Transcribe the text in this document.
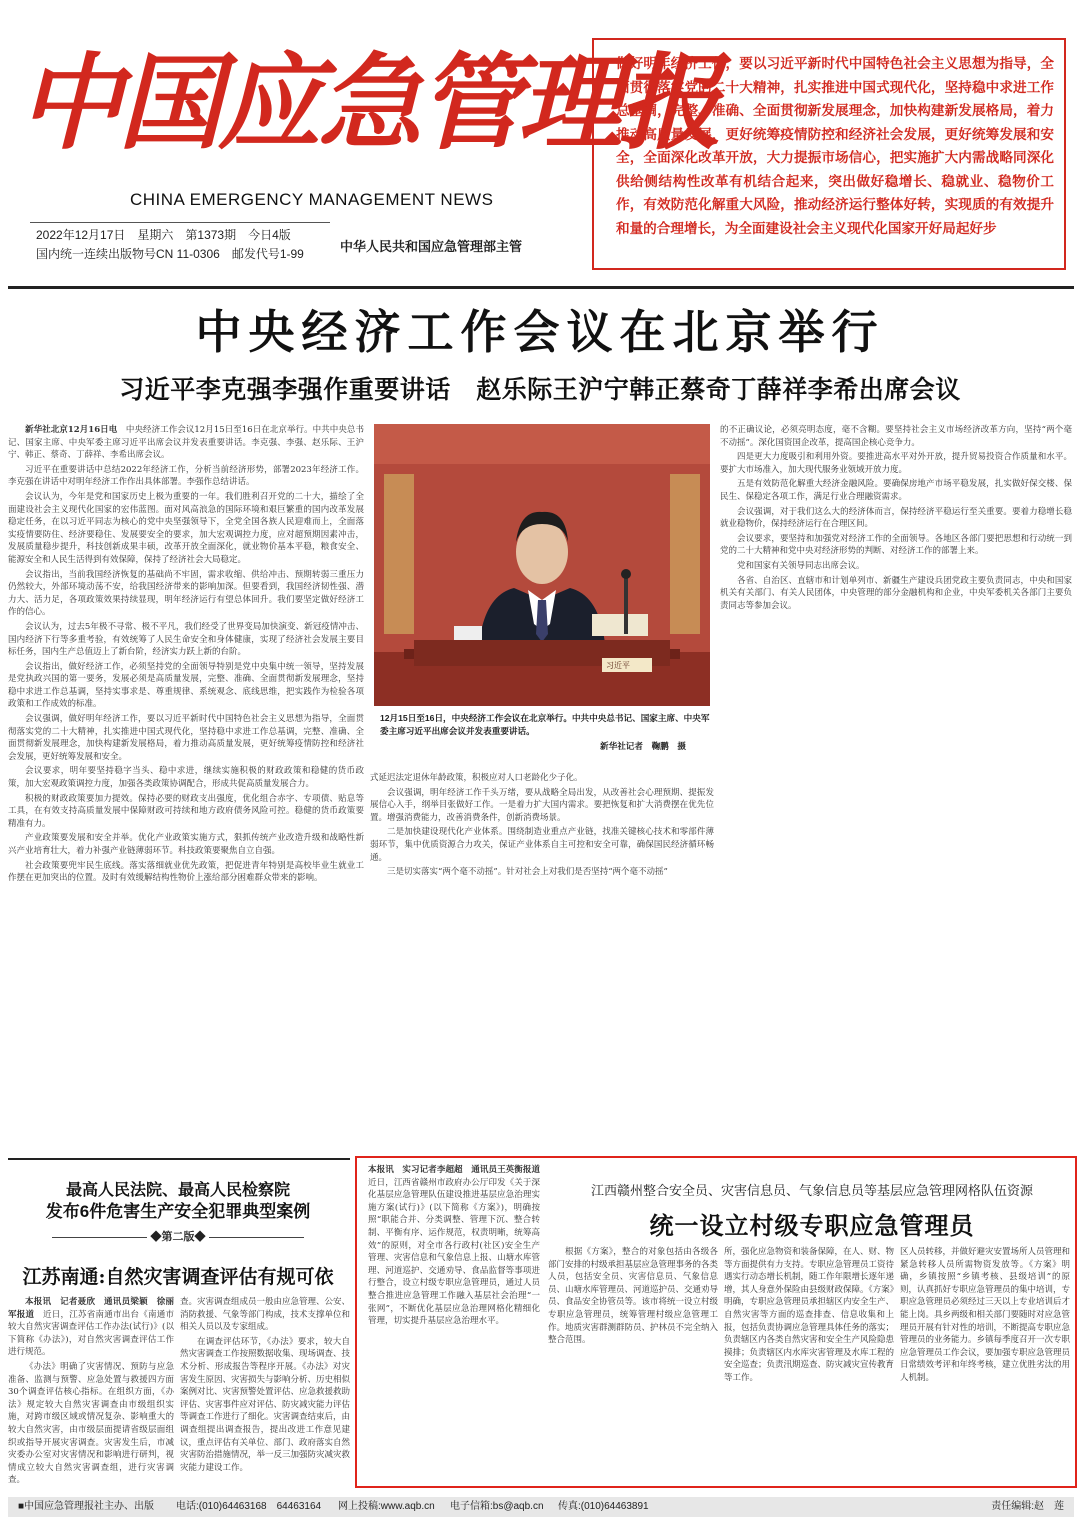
中国应急管理报
CHINA EMERGENCY MANAGEMENT NEWS
2022年12月17日　星期六　第1373期　今日4版
国内统一连续出版物号CN 11-0306　邮发代号1-99	中华人民共和国应急管理部主管
做好明年经济工作，要以习近平新时代中国特色社会主义思想为指导，全面贯彻落实党的二十大精神，扎实推进中国式现代化，坚持稳中求进工作总基调，完整、准确、全面贯彻新发展理念，加快构建新发展格局，着力推动高质量发展，更好统筹疫情防控和经济社会发展，更好统筹发展和安全，全面深化改革开放，大力提振市场信心，把实施扩大内需战略同深化供给侧结构性改革有机结合起来，突出做好稳增长、稳就业、稳物价工作，有效防范化解重大风险，推动经济运行整体好转，实现质的有效提升和量的合理增长，为全面建设社会主义现代化国家开好局起好步
中央经济工作会议在北京举行
习近平李克强李强作重要讲话　赵乐际王沪宁韩正蔡奇丁薛祥李希出席会议

新华社北京12月16日电　 中央经济工作会议12月15日至16日在北京举行。中共中央总书记、国家主席、中央军委主席习近平出席会议并发表重要讲话。李克强、李强、赵乐际、王沪宁、韩正、蔡奇、丁薛祥、李希出席会议。

习近平在重要讲话中总结2022年经济工作，分析当前经济形势，部署2023年经济工作。李克强在讲话中对明年经济工作作出具体部署。李强作总结讲话。

会议认为，今年是党和国家历史上极为重要的一年。我们胜利召开党的二十大，描绘了全面建设社会主义现代化国家的宏伟蓝图。面对风高浪急的国际环境和艰巨繁重的国内改革发展稳定任务，在以习近平同志为核心的党中央坚强领导下，全党全国各族人民迎难而上，全面落实疫情要防住、经济要稳住、发展要安全的要求，加大宏观调控力度，应对超预期因素冲击，发展质量稳步提升，科技创新成果丰硕，改革开放全面深化，就业物价基本平稳，粮食安全、能源安全和人民生活得到有效保障，保持了经济社会大局稳定。

会议指出，当前我国经济恢复的基础尚不牢固，需求收缩、供给冲击、预期转弱三重压力仍然较大，外部环境动荡不安，给我国经济带来的影响加深。但要看到，我国经济韧性强、潜力大、活力足，各项政策效果持续显现，明年经济运行有望总体回升。我们要坚定做好经济工作的信心。

会议认为，过去5年极不寻常、极不平凡，我们经受了世界变局加快演变、新冠疫情冲击、国内经济下行等多重考验，有效统筹了人民生命安全和身体健康，实现了经济社会发展主要目标任务，国内生产总值迈上了新台阶，经济实力跃上新的台阶。

会议指出，做好经济工作，必须坚持党的全面领导特别是党中央集中统一领导，坚持发展是党执政兴国的第一要务，发展必须是高质量发展，完整、准确、全面贯彻新发展理念，坚持稳中求进工作总基调，坚持实事求是、尊重规律、系统观念、底线思维，把实践作为检验各项政策和工作成效的标准。

会议强调，做好明年经济工作，要以习近平新时代中国特色社会主义思想为指导，全面贯彻落实党的二十大精神，扎实推进中国式现代化，坚持稳中求进工作总基调，完整、准确、全面贯彻新发展理念，加快构建新发展格局，着力推动高质量发展，更好统筹疫情防控和经济社会发展，更好统筹发展和安全。

会议要求，明年要坚持稳字当头、稳中求进，继续实施积极的财政政策和稳健的货币政策，加大宏观政策调控力度，加强各类政策协调配合，形成共促高质量发展合力。

积极的财政政策要加力提效。保持必要的财政支出强度，优化组合赤字、专项债、贴息等工具，在有效支持高质量发展中保障财政可持续和地方政府债务风险可控。稳健的货币政策要精准有力。

产业政策要发展和安全并举。优化产业政策实施方式，狠抓传统产业改造升级和战略性新兴产业培育壮大，着力补强产业链薄弱环节。科技政策要聚焦自立自强。

社会政策要兜牢民生底线。落实落细就业优先政策，把促进青年特别是高校毕业生就业工作摆在更加突出的位置。及时有效缓解结构性物价上涨给部分困难群众带来的影响。

习近平
12月15日至16日，中央经济工作会议在北京举行。中共中央总书记、国家主席、中央军委主席习近平出席会议并发表重要讲话。
新华社记者　鞠鹏　摄

式延迟法定退休年龄政策，积极应对人口老龄化少子化。

会议强调，明年经济工作千头万绪，要从战略全局出发，从改善社会心理预期、提振发展信心入手，纲举目张做好工作。一是着力扩大国内需求。要把恢复和扩大消费摆在优先位置。增强消费能力，改善消费条件，创新消费场景。

二是加快建设现代化产业体系。围绕制造业重点产业链，找准关键核心技术和零部件薄弱环节，集中优质资源合力攻关，保证产业体系自主可控和安全可靠，确保国民经济循环畅通。

三是切实落实“两个毫不动摇”。针对社会上对我们是否坚持“两个毫不动摇”

的不正确议论，必须亮明态度，毫不含糊。要坚持社会主义市场经济改革方向，坚持“两个毫不动摇”。深化国资国企改革，提高国企核心竞争力。

四是更大力度吸引和利用外资。要推进高水平对外开放，提升贸易投资合作质量和水平。要扩大市场准入，加大现代服务业领域开放力度。

五是有效防范化解重大经济金融风险。要确保房地产市场平稳发展，扎实做好保交楼、保民生、保稳定各项工作，满足行业合理融资需求。

会议强调，对于我们这么大的经济体而言，保持经济平稳运行至关重要。要着力稳增长稳就业稳物价，保持经济运行在合理区间。

会议要求，要坚持和加强党对经济工作的全面领导。各地区各部门要把思想和行动统一到党的二十大精神和党中央对经济形势的判断、对经济工作的部署上来。

党和国家有关领导同志出席会议。

各省、自治区、直辖市和计划单列市、新疆生产建设兵团党政主要负责同志，中央和国家机关有关部门、有关人民团体，中央管理的部分金融机构和企业，中央军委机关各部门主要负责同志等参加会议。

最高人民法院、最高人民检察院
发布6件危害生产安全犯罪典型案例
◆第二版◆
江苏南通:自然灾害调查评估有规可依

本报讯　记者聂欣　通讯员梁颖　徐丽军报道　 近日，江苏省南通市出台《南通市较大自然灾害调查评估工作办法(试行)》(以下简称《办法》)，对自然灾害调查评估工作进行规范。

《办法》明确了灾害情况、预防与应急准备、监测与预警、应急处置与救援四方面30个调查评估核心指标。在组织方面，《办法》规定较大自然灾害调查由市级组织实施，对跨市级区域或情况复杂、影响重大的较大自然灾害，由市级层面提请省级层面组织或指导开展灾害调查。灾害发生后，市减灾委办公室对灾害情况和影响进行研判，视情成立较大自然灾害调查组，进行灾害调查。

查。灾害调查组成员一般由应急管理、公安、消防救援、气象等部门构成，技术支撑单位和相关人员以及专家组成。

在调查评估环节，《办法》要求，较大自然灾害调查工作按照数据收集、现场调查、技术分析、形成报告等程序开展。《办法》对灾害发生原因、灾害损失与影响分析、历史相似案例对比、灾害预警处置评估、应急救援救助评估、灾害事件应对评估、防灾减灾能力评估等调查工作进行了细化。灾害调查结束后，由调查组提出调查报告，提出改进工作意见建议，重点评估有关单位、部门、政府落实自然灾害防治措施情况，举一反三加强防灾减灾救灾能力建设工作。

本报讯　实习记者李超超　通讯员王英衡报道　近日，江西省赣州市政府办公厅印发《关于深化基层应急管理队伍建设推进基层应急治理实施方案(试行)》(以下简称《方案》)，明确按照“职能合并、分类调整、管理下沉、整合转制、平衡有序、运作规范，权责明晰，统筹高效”的原则，对全市各行政村(社区)安全生产管理、灾害信息和气象信息上报、山塘水库管理、河道巡护、交通劝导、食品监督等事项进行整合，设立村级专职应急管理员，通过人员整合推进应急管理工作融入基层社会治理“一张网”，不断优化基层应急治理网格化精细化管理，切实提升基层应急治理水平。

江西赣州整合安全员、灾害信息员、气象信息员等基层应急管理网格队伍资源
统一设立村级专职应急管理员

根据《方案》，整合的对象包括由各级各部门安排的村级承担基层应急管理事务的各类人员，包括安全员、灾害信息员、气象信息员、山塘水库管理员、河道巡护员、交通劝导员、食品安全协管员等。该市将统一设立村级专职应急管理员，统筹管理村级应急管理工作。地质灾害群测群防员、护林员不完全纳入整合范围。

所，强化应急物资和装备保障，在人、财、物等方面提供有力支持。专职应急管理员工资待遇实行动态增长机制，随工作年限增长逐年递增，其人身意外保险由县级财政保障。《方案》明确，专职应急管理员承担辖区内安全生产、自然灾害等方面的巡查排查、信息收集和上报，包括负责协调应急管理具体任务的落实；负责辖区内各类自然灾害和安全生产风险隐患摸排；负责辖区内水库灾害管理及水库工程的安全巡查；负责汛期巡查、防灾减灾宣传教育等工作。

区人员转移，并做好避灾安置场所人员管理和紧急转移人员所需物资发放等。《方案》明确，乡镇按照“乡镇考核、县级培训”的原则，认真抓好专职应急管理员的集中培训，专职应急管理员必须经过三天以上专业培训后才能上岗。具乡两级和相关部门要随时对应急管理员开展有针对性的培训，不断提高专职应急管理员的业务能力。乡镇每季度召开一次专职应急管理员工作会议，要加强专职应急管理员日常绩效考评和年终考核，建立优胜劣汰的用人机制。

■中国应急管理报社主办、出版 电话:(010)64463168　64463164 网上投稿:www.aqb.cn 电子信箱:bs@aqb.cn 传真:(010)64463891	责任编辑:赵　莲
